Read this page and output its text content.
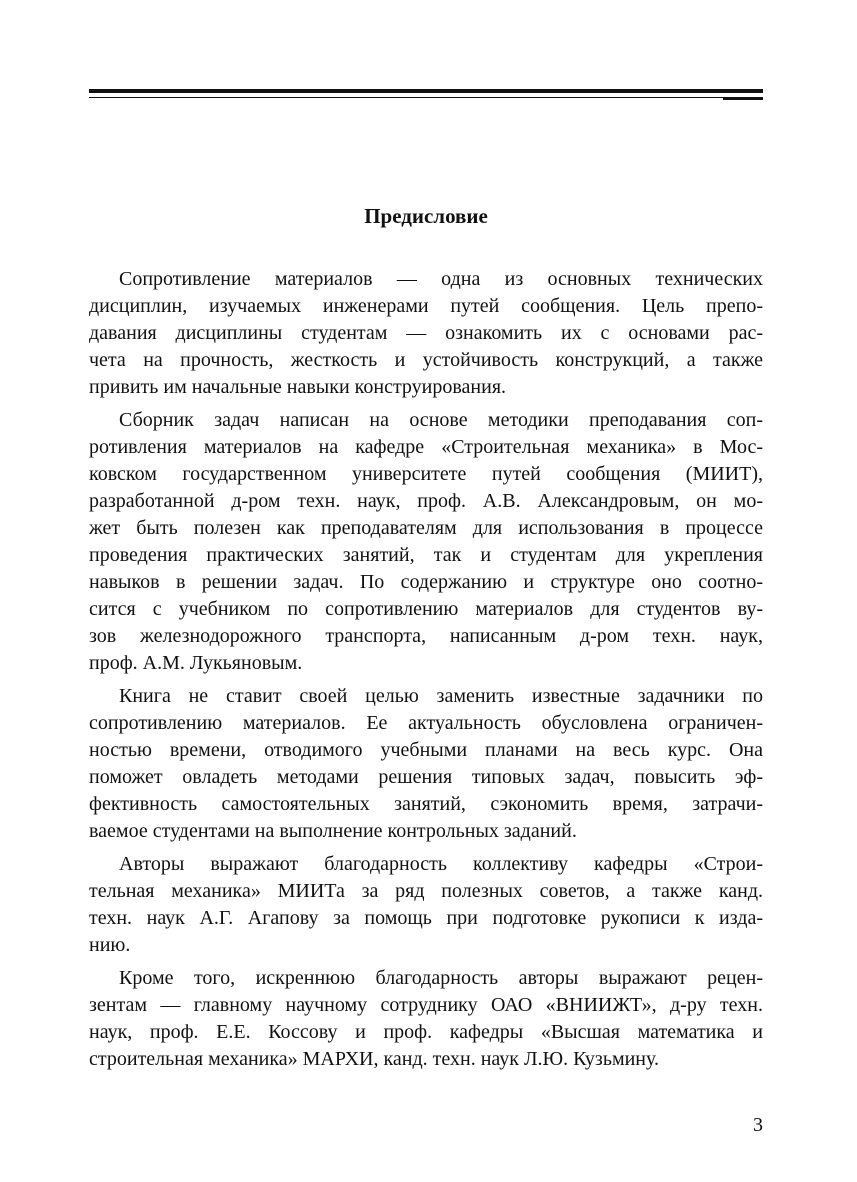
Предисловие

Сопротивление материалов — одна из основных технических
дисциплин, изучаемых инженерами путей сообщения. Цель препо-
давания дисциплины студентам — ознакомить их с основами рас-
чета на прочность, жесткость и устойчивость конструкций, а также
привить им начальные навыки конструирования.

Сборник задач написан на основе методики преподавания соп-
ротивления материалов на кафедре «Строительная механика» в Мос-
ковском государственном университете путей сообщения (МИИТ),
разработанной д-ром техн. наук, проф. А.В. Александровым, он мо-
жет быть полезен как преподавателям для использования в процессе
проведения практических занятий, так и студентам для укрепления
навыков в решении задач. По содержанию и структуре оно соотно-
сится с учебником по сопротивлению материалов для студентов ву-
зов железнодорожного транспорта, написанным д-ром техн. наук,
проф. А.М. Лукьяновым.

Книга не ставит своей целью заменить известные задачники по
сопротивлению материалов. Ее актуальность обусловлена ограничен-
ностью времени, отводимого учебными планами на весь курс. Она
поможет овладеть методами решения типовых задач, повысить эф-
фективность самостоятельных занятий, сэкономить время, затрачи-
ваемое студентами на выполнение контрольных заданий.

Авторы выражают благодарность коллективу кафедры «Строи-
тельная механика» МИИТа за ряд полезных советов, а также канд.
техн. наук А.Г. Агапову за помощь при подготовке рукописи к изда-
нию.

Кроме того, искреннюю благодарность авторы выражают рецен-
зентам — главному научному сотруднику ОАО «ВНИИЖТ», д-ру техн.
наук, проф. Е.Е. Коссову и проф. кафедры «Высшая математика и
строительная механика» МАРХИ, канд. техн. наук Л.Ю. Кузьмину.

3
